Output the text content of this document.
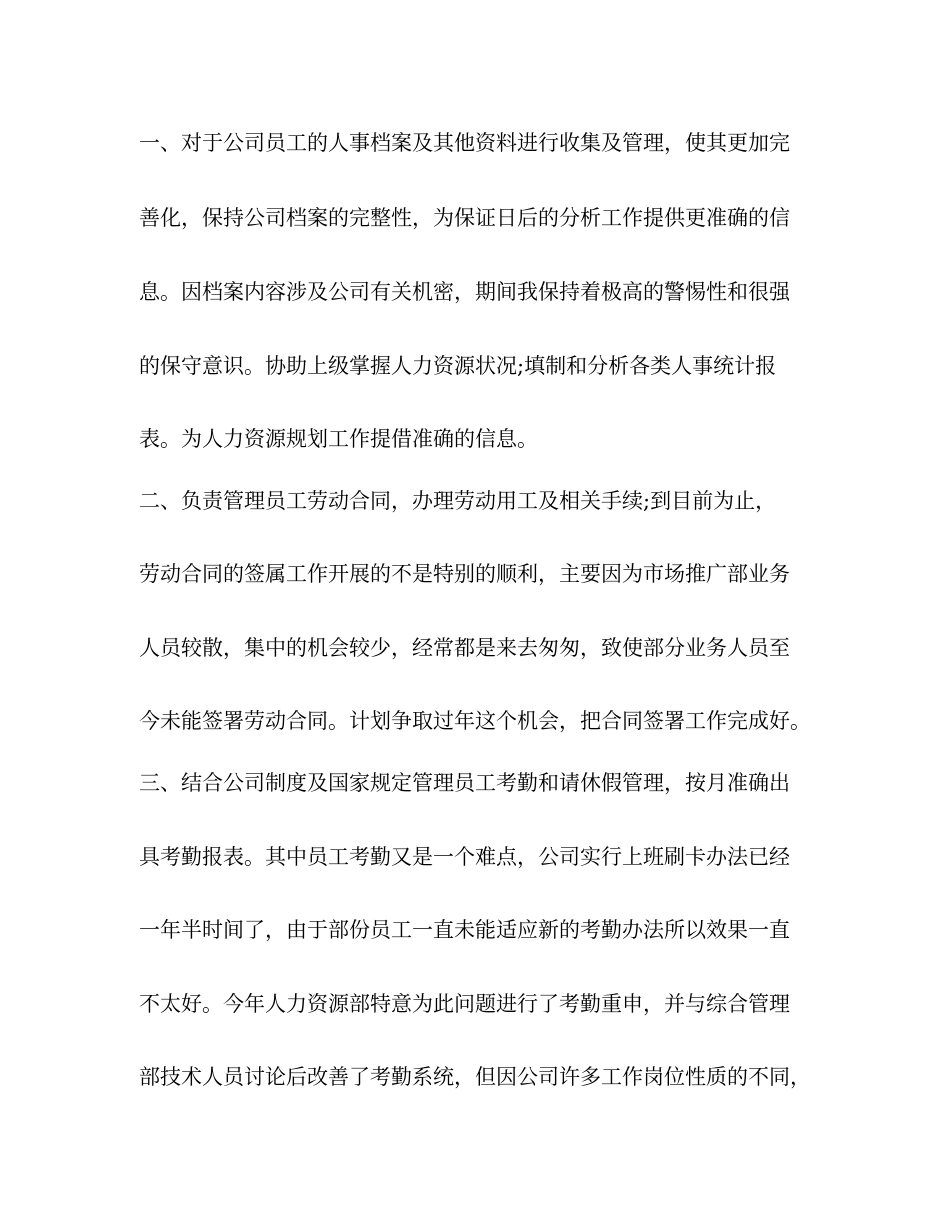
一、对于公司员工的人事档案及其他资料进行收集及管理，使其更加完
善化，保持公司档案的完整性，为保证日后的分析工作提供更准确的信
息。因档案内容涉及公司有关机密，期间我保持着极高的警惕性和很强
的保守意识。协助上级掌握人力资源状况;填制和分析各类人事统计报
表。为人力资源规划工作提借准确的信息。
二、负责管理员工劳动合同，办理劳动用工及相关手续;到目前为止，
劳动合同的签属工作开展的不是特别的顺利，主要因为市场推广部业务
人员较散，集中的机会较少，经常都是来去匆匆，致使部分业务人员至
今未能签署劳动合同。计划争取过年这个机会，把合同签署工作完成好。
三、结合公司制度及国家规定管理员工考勤和请休假管理，按月准确出
具考勤报表。其中员工考勤又是一个难点，公司实行上班刷卡办法已经
一年半时间了，由于部份员工一直未能适应新的考勤办法所以效果一直
不太好。今年人力资源部特意为此问题进行了考勤重申，并与综合管理
部技术人员讨论后改善了考勤系统，但因公司许多工作岗位性质的不同，
